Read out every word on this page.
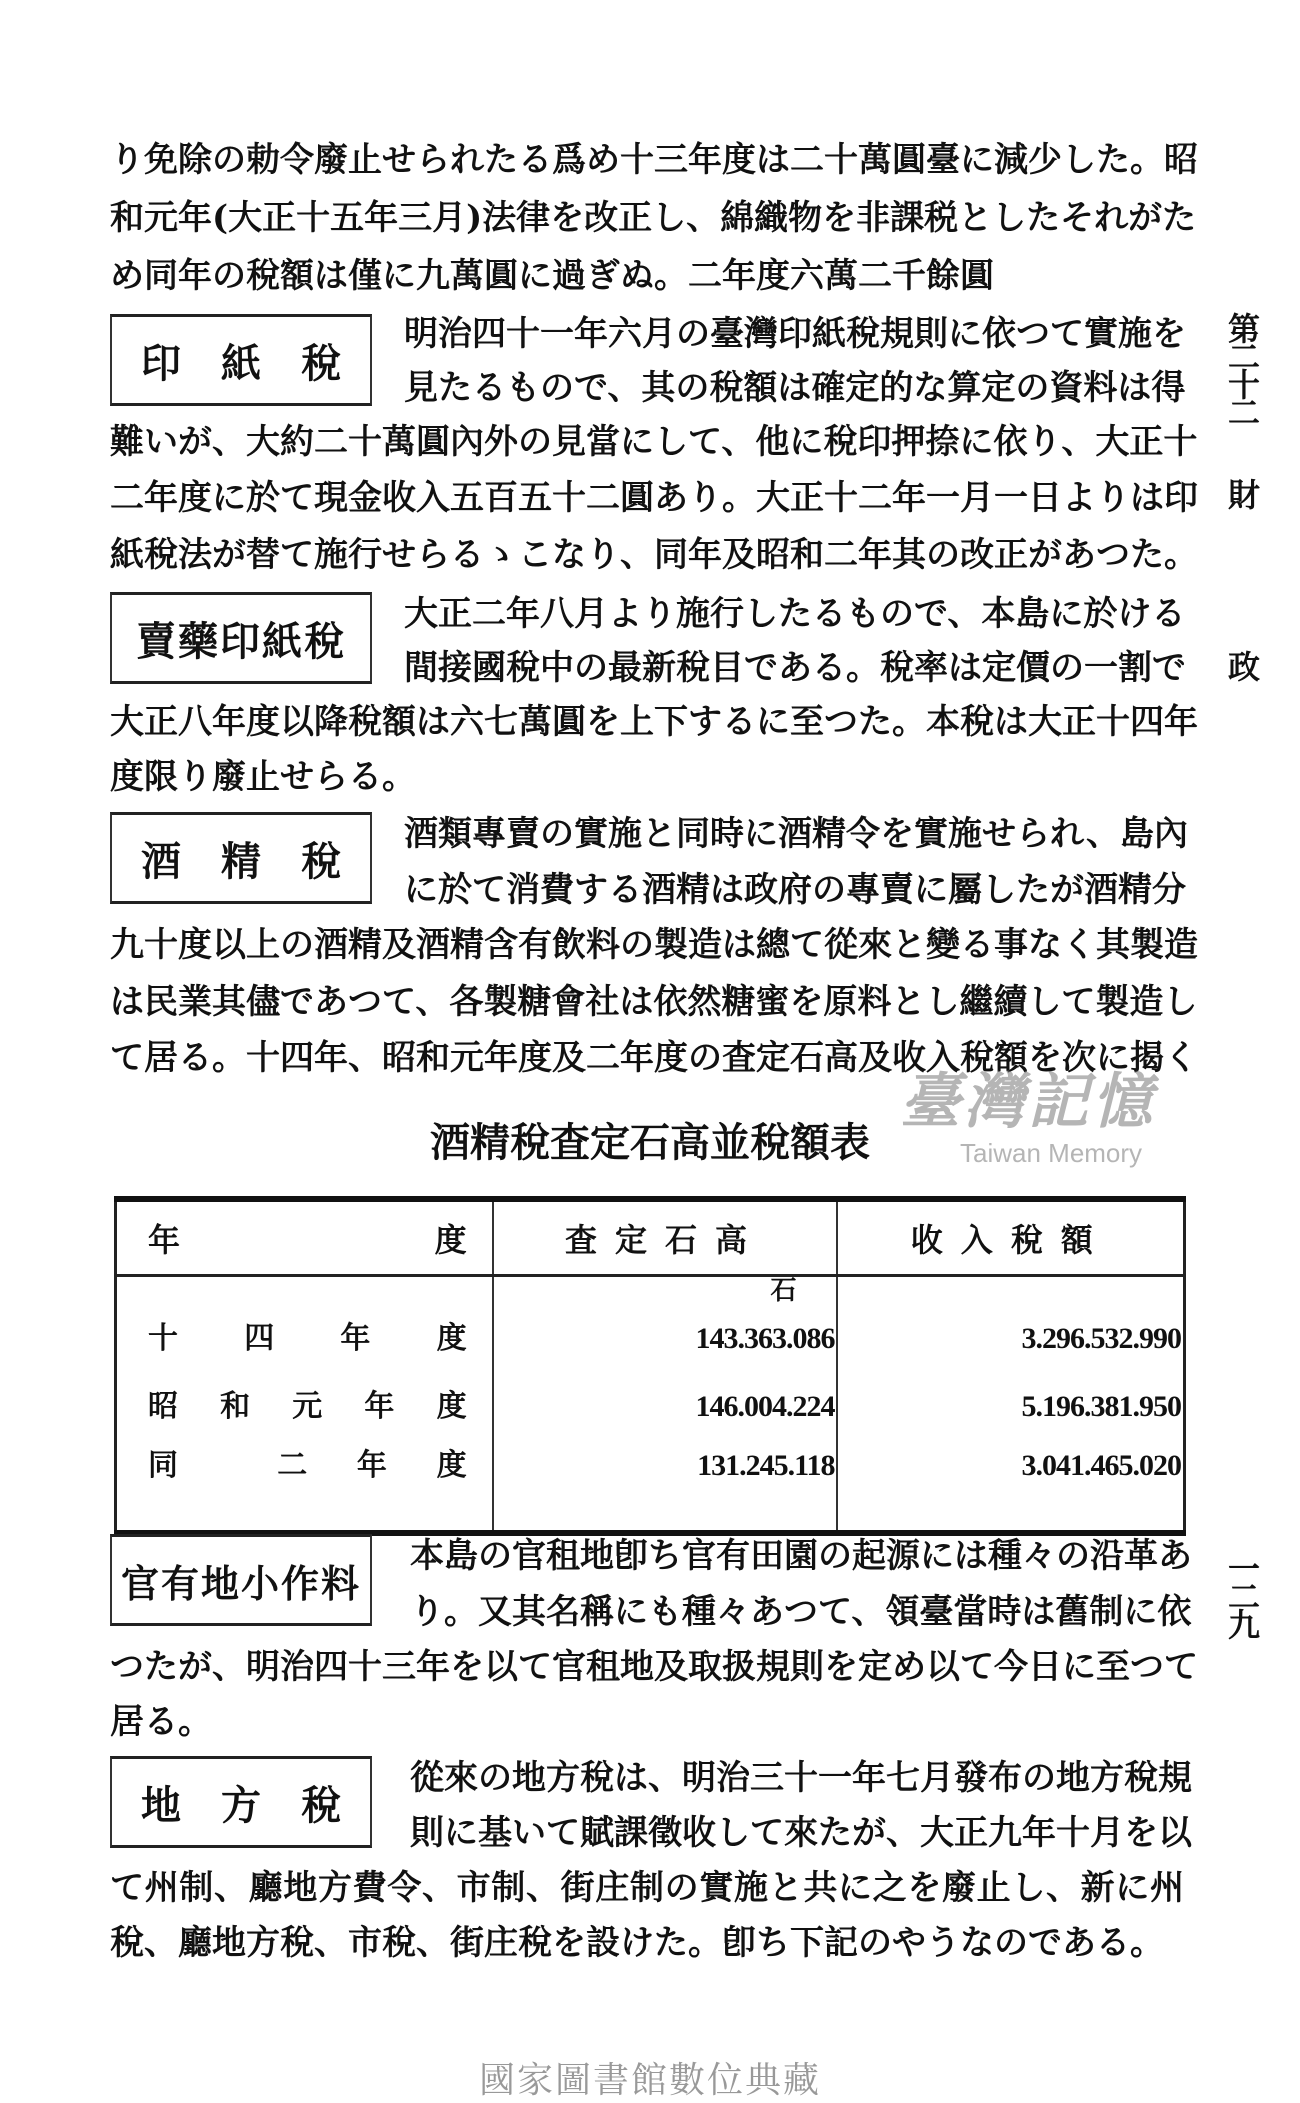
り免除の勅令廢止せられたる爲め十三年度は二十萬圓臺に減少した。昭
和元年(大正十五年三月)法律を改正し、綿織物を非課税としたそれがた
め同年の稅額は僅に九萬圓に過ぎぬ。二年度六萬二千餘圓
印紙稅
明治四十一年六月の臺灣印紙稅規則に依つて實施を
見たるもので、其の稅額は確定的な算定の資料は得
難いが、大約二十萬圓內外の見當にして、他に稅印押捺に依り、大正十
二年度に於て現金收入五百五十二圓あり。大正十二年一月一日よりは印
紙稅法が替て施行せらるゝこなり、同年及昭和二年其の改正があつた。
賣藥印紙稅
大正二年八月より施行したるもので、本島に於ける
間接國稅中の最新稅目である。稅率は定價の一割で
大正八年度以降稅額は六七萬圓を上下するに至つた。本稅は大正十四年
度限り廢止せらる。
酒精稅
酒類專賣の實施と同時に酒精令を實施せられ、島內
に於て消費する酒精は政府の專賣に屬したが酒精分
九十度以上の酒精及酒精含有飲料の製造は總て從來と變る事なく其製造
は民業其儘であつて、各製糖會社は依然糖蜜を原料とし繼續して製造し
て居る。十四年、昭和元年度及二年度の査定石高及收入稅額を次に揭く
酒精稅査定石高並稅額表
臺灣記憶
Taiwan Memory
年 度	査定石高	收入稅額
	石	

十 四 年 度	143.363.086	3.296.532.990

昭 和 元 年 度	146.004.224	5.196.381.950

同 二 年 度	131.245.118	3.041.465.020
官有地小作料
本島の官租地卽ち官有田園の起源には種々の沿革あ
り。又其名稱にも種々あつて、領臺當時は舊制に依
つたが、明治四十三年を以て官租地及取扱規則を定め以て今日に至つて
居る。
地方稅
從來の地方稅は、明治三十一年七月發布の地方稅規
則に基いて賦課徵收して來たが、大正九年十月を以
て州制、廳地方費令、市制、街庄制の實施と共に之を廢止し、新に州
稅、廳地方稅、市稅、街庄稅を設けた。卽ち下記のやうなのである。
第二十二
財
政
一二九
國家圖書館數位典藏
